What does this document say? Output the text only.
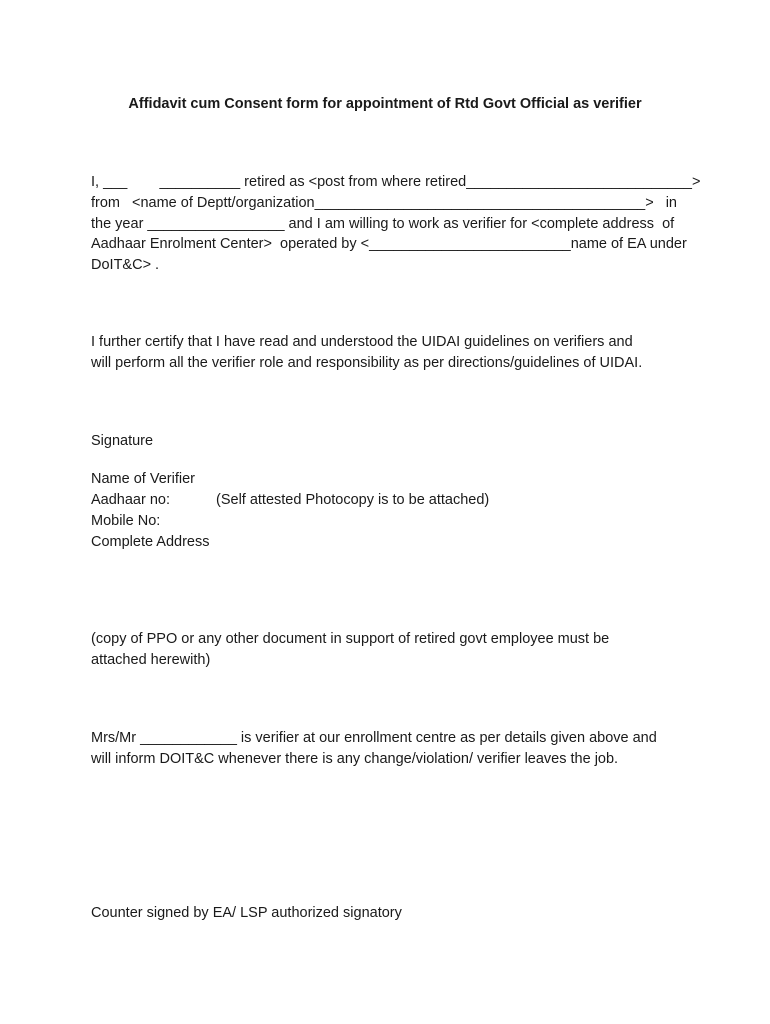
Affidavit cum Consent form for appointment of Rtd Govt Official as verifier
I, ___        __________ retired as <post from where retired____________________________>
from <name of Deptt/organization_________________________________________> in
the year _________________ and I am willing to work as verifier for <complete address  of
Aadhaar Enrolment Center>  operated by <_________________________name of EA under
DoIT&C> .
I further certify that I have read and understood the UIDAI guidelines on verifiers and
will perform all the verifier role and responsibility as per directions/guidelines of UIDAI.
Signature
Name of Verifier
Aadhaar no:	(Self attested Photocopy is to be attached)
Mobile No:
Complete Address
(copy of PPO or any other document in support of retired govt employee must be
attached herewith)
Mrs/Mr ____________ is verifier at our enrollment centre as per details given above and
will inform DOIT&C whenever there is any change/violation/ verifier leaves the job.
Counter signed by EA/ LSP authorized signatory
